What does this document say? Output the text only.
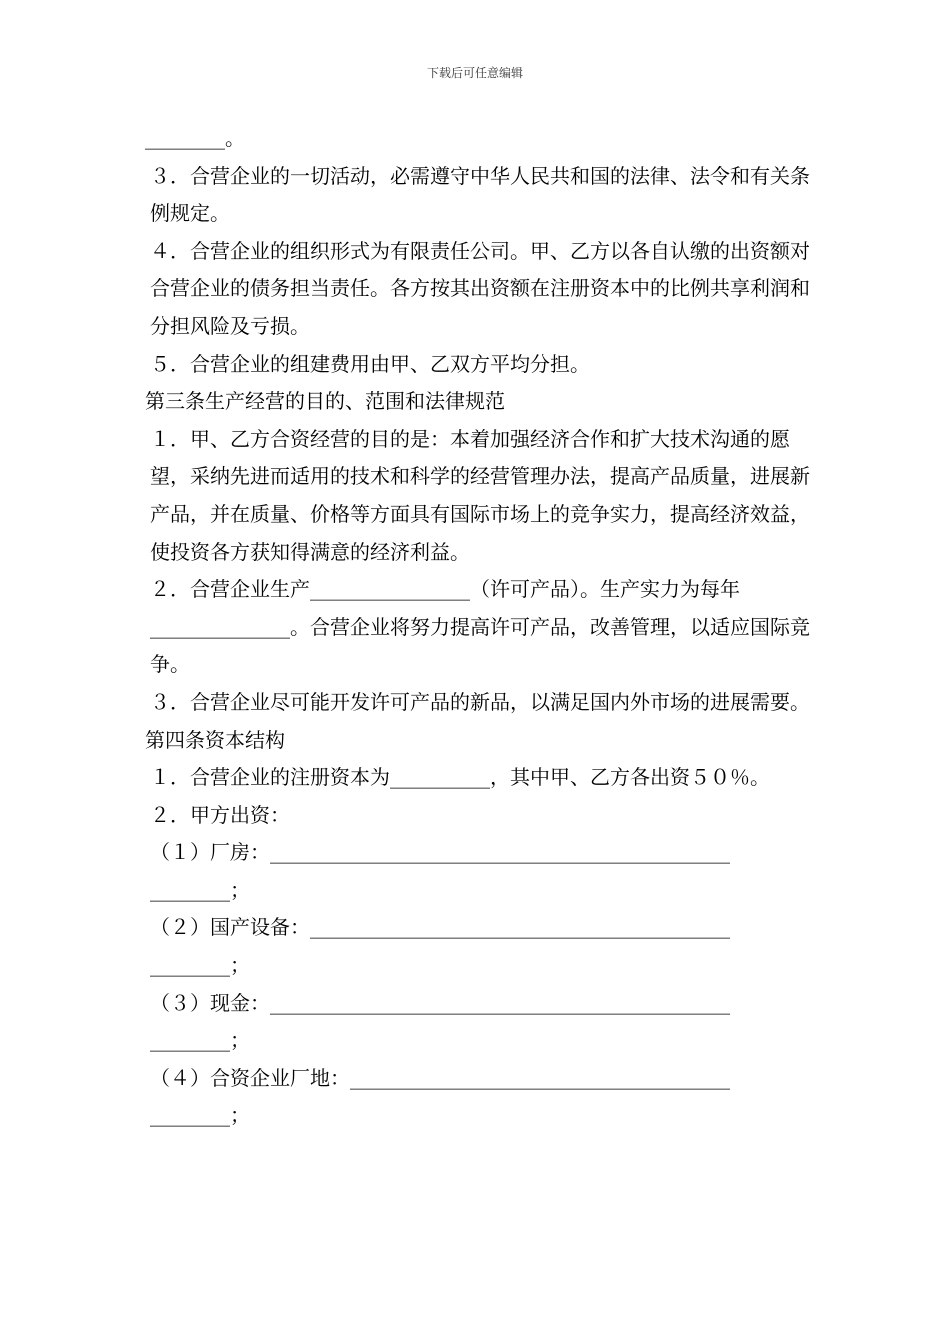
下载后可任意编辑

________。

３．合营企业的一切活动，必需遵守中华人民共和国的法律、法令和有关条例规定。

４．合营企业的组织形式为有限责任公司。甲、乙方以各自认缴的出资额对合营企业的债务担当责任。各方按其出资额在注册资本中的比例共享利润和分担风险及亏损。

５．合营企业的组建费用由甲、乙双方平均分担。

第三条生产经营的目的、范围和法律规范

１．甲、乙方合资经营的目的是：本着加强经济合作和扩大技术沟通的愿望，采纳先进而适用的技术和科学的经营管理办法，提高产品质量，进展新产品，并在质量、价格等方面具有国际市场上的竞争实力，提高经济效益，使投资各方获知得满意的经济利益。

２．合营企业生产________________（许可产品）。生产实力为每年______________。合营企业将努力提高许可产品，改善管理，以适应国际竞争。

３．合营企业尽可能开发许可产品的新品，以满足国内外市场的进展需要。

第四条资本结构

１．合营企业的注册资本为__________，其中甲、乙方各出资５０％。

２．甲方出资：

（１）厂房：______________________________________________ ________；

（２）国产设备：__________________________________________ ________；

（３）现金：______________________________________________ ________；

（４）合资企业厂地：______________________________________ ________；
